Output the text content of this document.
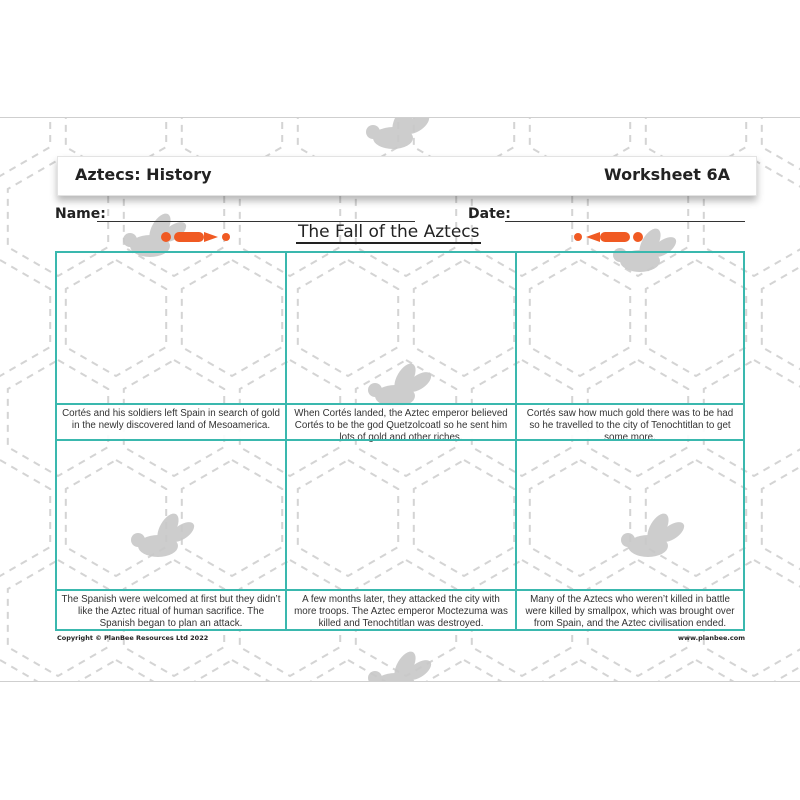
Aztecs: History	Worksheet 6A
Name:	Date:
The Fall of the Aztecs
Cortés and his soldiers left Spain in search of gold in the newly discovered land of Mesoamerica.
When Cortés landed, the Aztec emperor believed Cortés to be the god Quetzolcoatl so he sent him lots of gold and other riches.
Cortés saw how much gold there was to be had so he travelled to the city of Tenochtitlan to get some more.
The Spanish were welcomed at first but they didn’t like the Aztec ritual of human sacrifice. The Spanish began to plan an attack.
A few months later, they attacked the city with more troops. The Aztec emperor Moctezuma was killed and Tenochtitlan was destroyed.
Many of the Aztecs who weren’t killed in battle were killed by smallpox, which was brought over from Spain, and the Aztec civilisation ended.
Copyright © PlanBee Resources Ltd 2022	www.planbee.com
